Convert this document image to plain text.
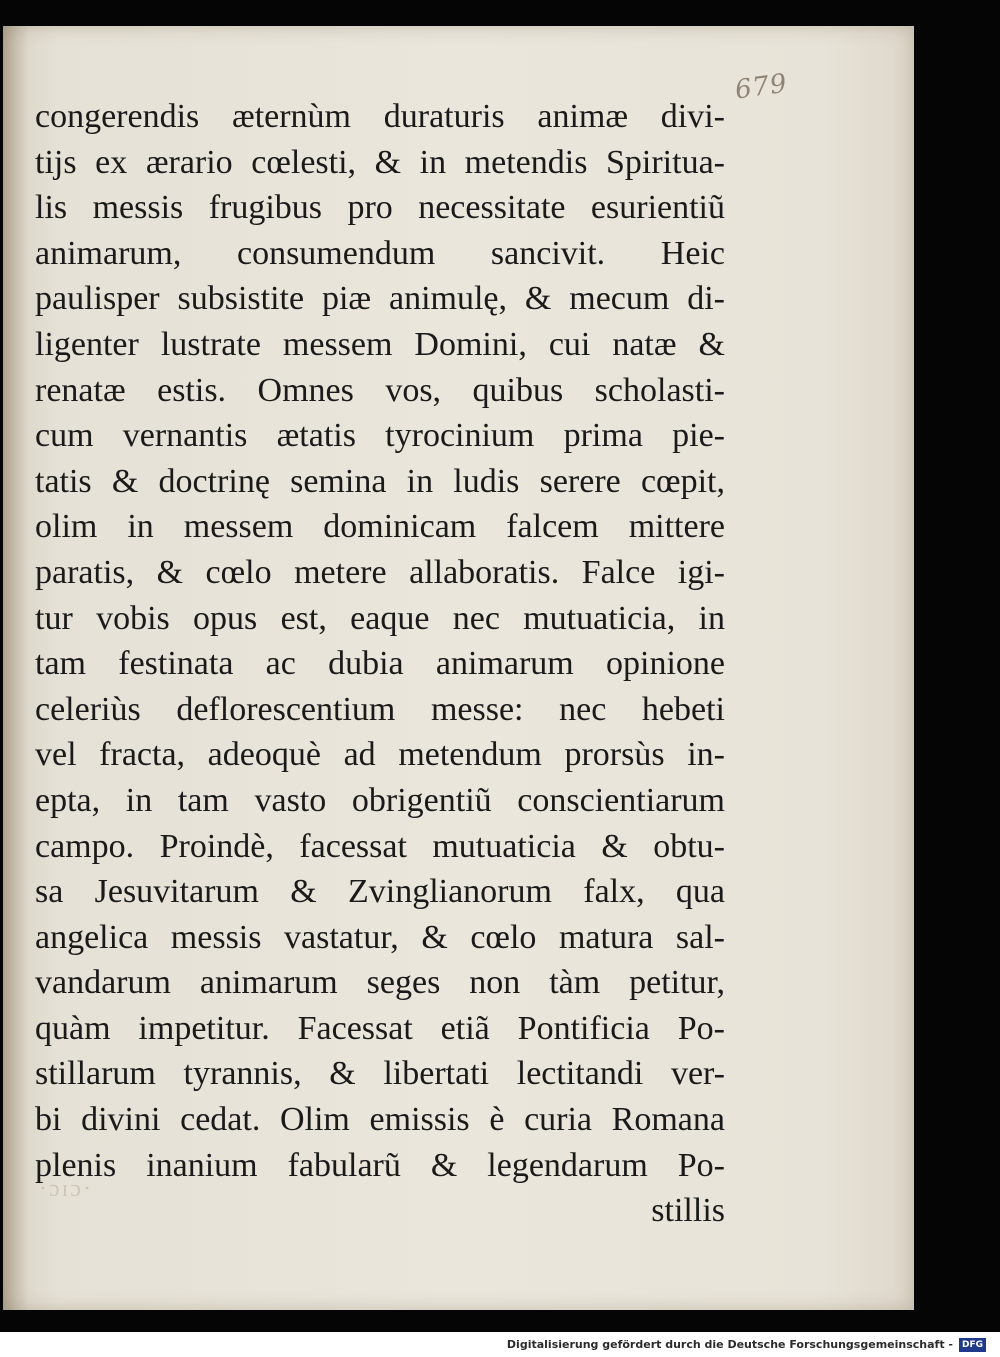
679
congerendis æternùm duraturis animæ divi-
tijs ex ærario cœlesti, & in metendis Spiritua-
lis messis frugibus pro necessitate esurientiũ
animarum, consumendum sancivit. Heic
paulisper subsistite piæ animulę, & mecum di-
ligenter lustrate messem Domini, cui natæ &
renatæ estis. Omnes vos, quibus scholasti-
cum vernantis ætatis tyrocinium prima pie-
tatis & doctrinę semina in ludis serere cœpit,
olim in messem dominicam falcem mittere
paratis, & cœlo metere allaboratis. Falce igi-
tur vobis opus est, eaque nec mutuaticia, in
tam festinata ac dubia animarum opinione
celeriùs deflorescentium messe: nec hebeti
vel fracta, adeoquè ad metendum prorsùs in-
epta, in tam vasto obrigentiũ conscientiarum
campo. Proindè, facessat mutuaticia & obtu-
sa Jesuvitarum & Zvinglianorum falx, qua
angelica messis vastatur, & cœlo matura sal-
vandarum animarum seges non tàm petitur,
quàm impetitur. Facessat etiã Pontificia Po-
stillarum tyrannis, & libertati lectitandi ver-
bi divini cedat. Olim emissis è curia Romana
plenis inanium fabularũ & legendarum Po-
stillis
·ɔɪɔ·
Digitalisierung gefördert durch die Deutsche Forschungsgemeinschaft -	DFG
